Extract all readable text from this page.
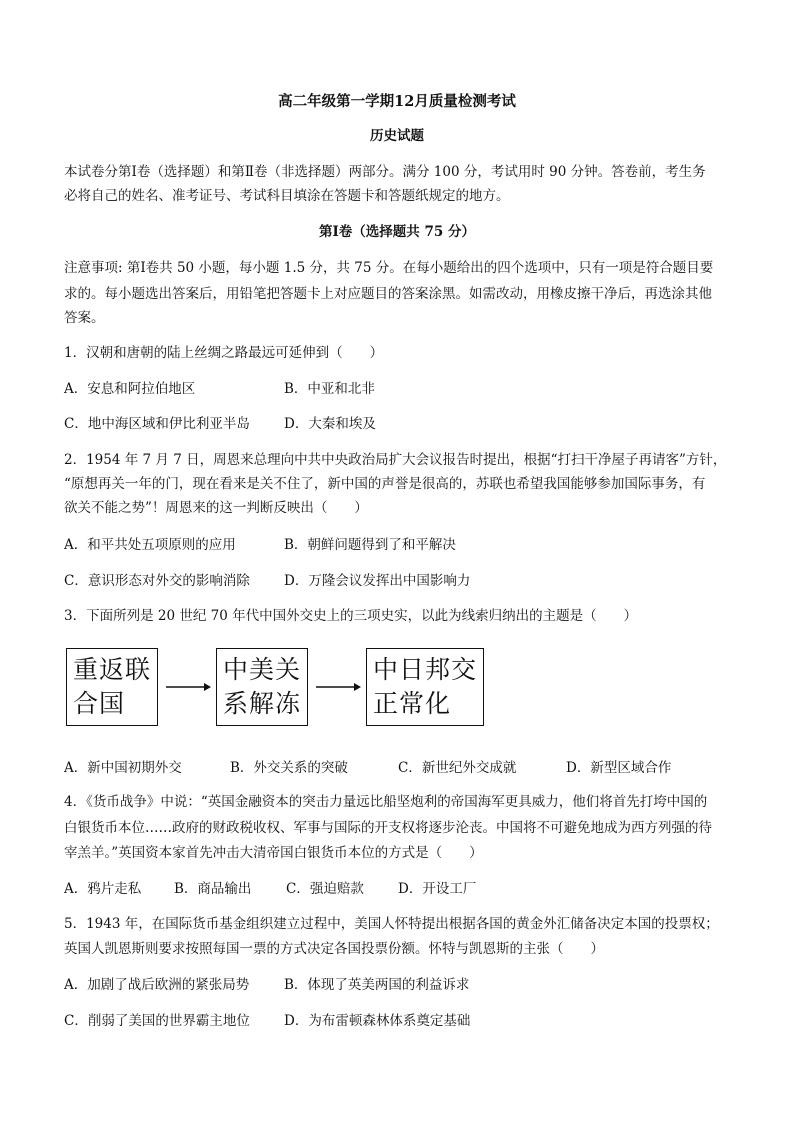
高二年级第一学期12月质量检测考试
历史试题
本试卷分第Ⅰ卷（选择题）和第Ⅱ卷（非选择题）两部分。满分 100 分，考试用时 90 分钟。答卷前，考生务
必将自己的姓名、准考证号、考试科目填涂在答题卡和答题纸规定的地方。
第Ⅰ卷（选择题共 75 分）
注意事项: 第Ⅰ卷共 50 小题，每小题 1.5 分，共 75 分。在每小题给出的四个选项中，只有一项是符合题目要
求的。每小题选出答案后，用铅笔把答题卡上对应题目的答案涂黑。如需改动，用橡皮擦干净后，再选涂其他
答案。
1．汉朝和唐朝的陆上丝绸之路最远可延伸到（　　）
A．安息和阿拉伯地区	B．中亚和北非
C．地中海区域和伊比利亚半岛	D．大秦和埃及
2．1954 年 7 月 7 日，周恩来总理向中共中央政治局扩大会议报告时提出，根据“打扫干净屋子再请客”方针，
“原想再关一年的门，现在看来是关不住了，新中国的声誉是很高的，苏联也希望我国能够参加国际事务，有
欲关不能之势”！周恩来的这一判断反映出（　　）
A．和平共处五项原则的应用	B．朝鲜问题得到了和平解决
C．意识形态对外交的影响消除	D．万隆会议发挥出中国影响力
3．下面所列是 20 世纪 70 年代中国外交史上的三项史实，以此为线索归纳出的主题是（　　）
重返联
合国
中美关
系解冻
中日邦交
正常化
A．新中国初期外交	B．外交关系的突破	C．新世纪外交成就	D．新型区域合作
4．《货币战争》中说：“英国金融资本的突击力量远比船坚炮利的帝国海军更具威力，他们将首先打垮中国的
白银货币本位……政府的财政税收权、军事与国际的开支权将逐步沦丧。中国将不可避免地成为西方列强的待
宰羔羊。”英国资本家首先冲击大清帝国白银货币本位的方式是（　　）
A．鸦片走私 B．商品输出	C．强迫赔款	D．开设工厂
5．1943 年，在国际货币基金组织建立过程中，美国人怀特提出根据各国的黄金外汇储备决定本国的投票权；
英国人凯恩斯则要求按照每国一票的方式决定各国投票份额。怀特与凯恩斯的主张（　　）
A．加剧了战后欧洲的紧张局势	B．体现了英美两国的利益诉求
C．削弱了美国的世界霸主地位	D．为布雷顿森林体系奠定基础
